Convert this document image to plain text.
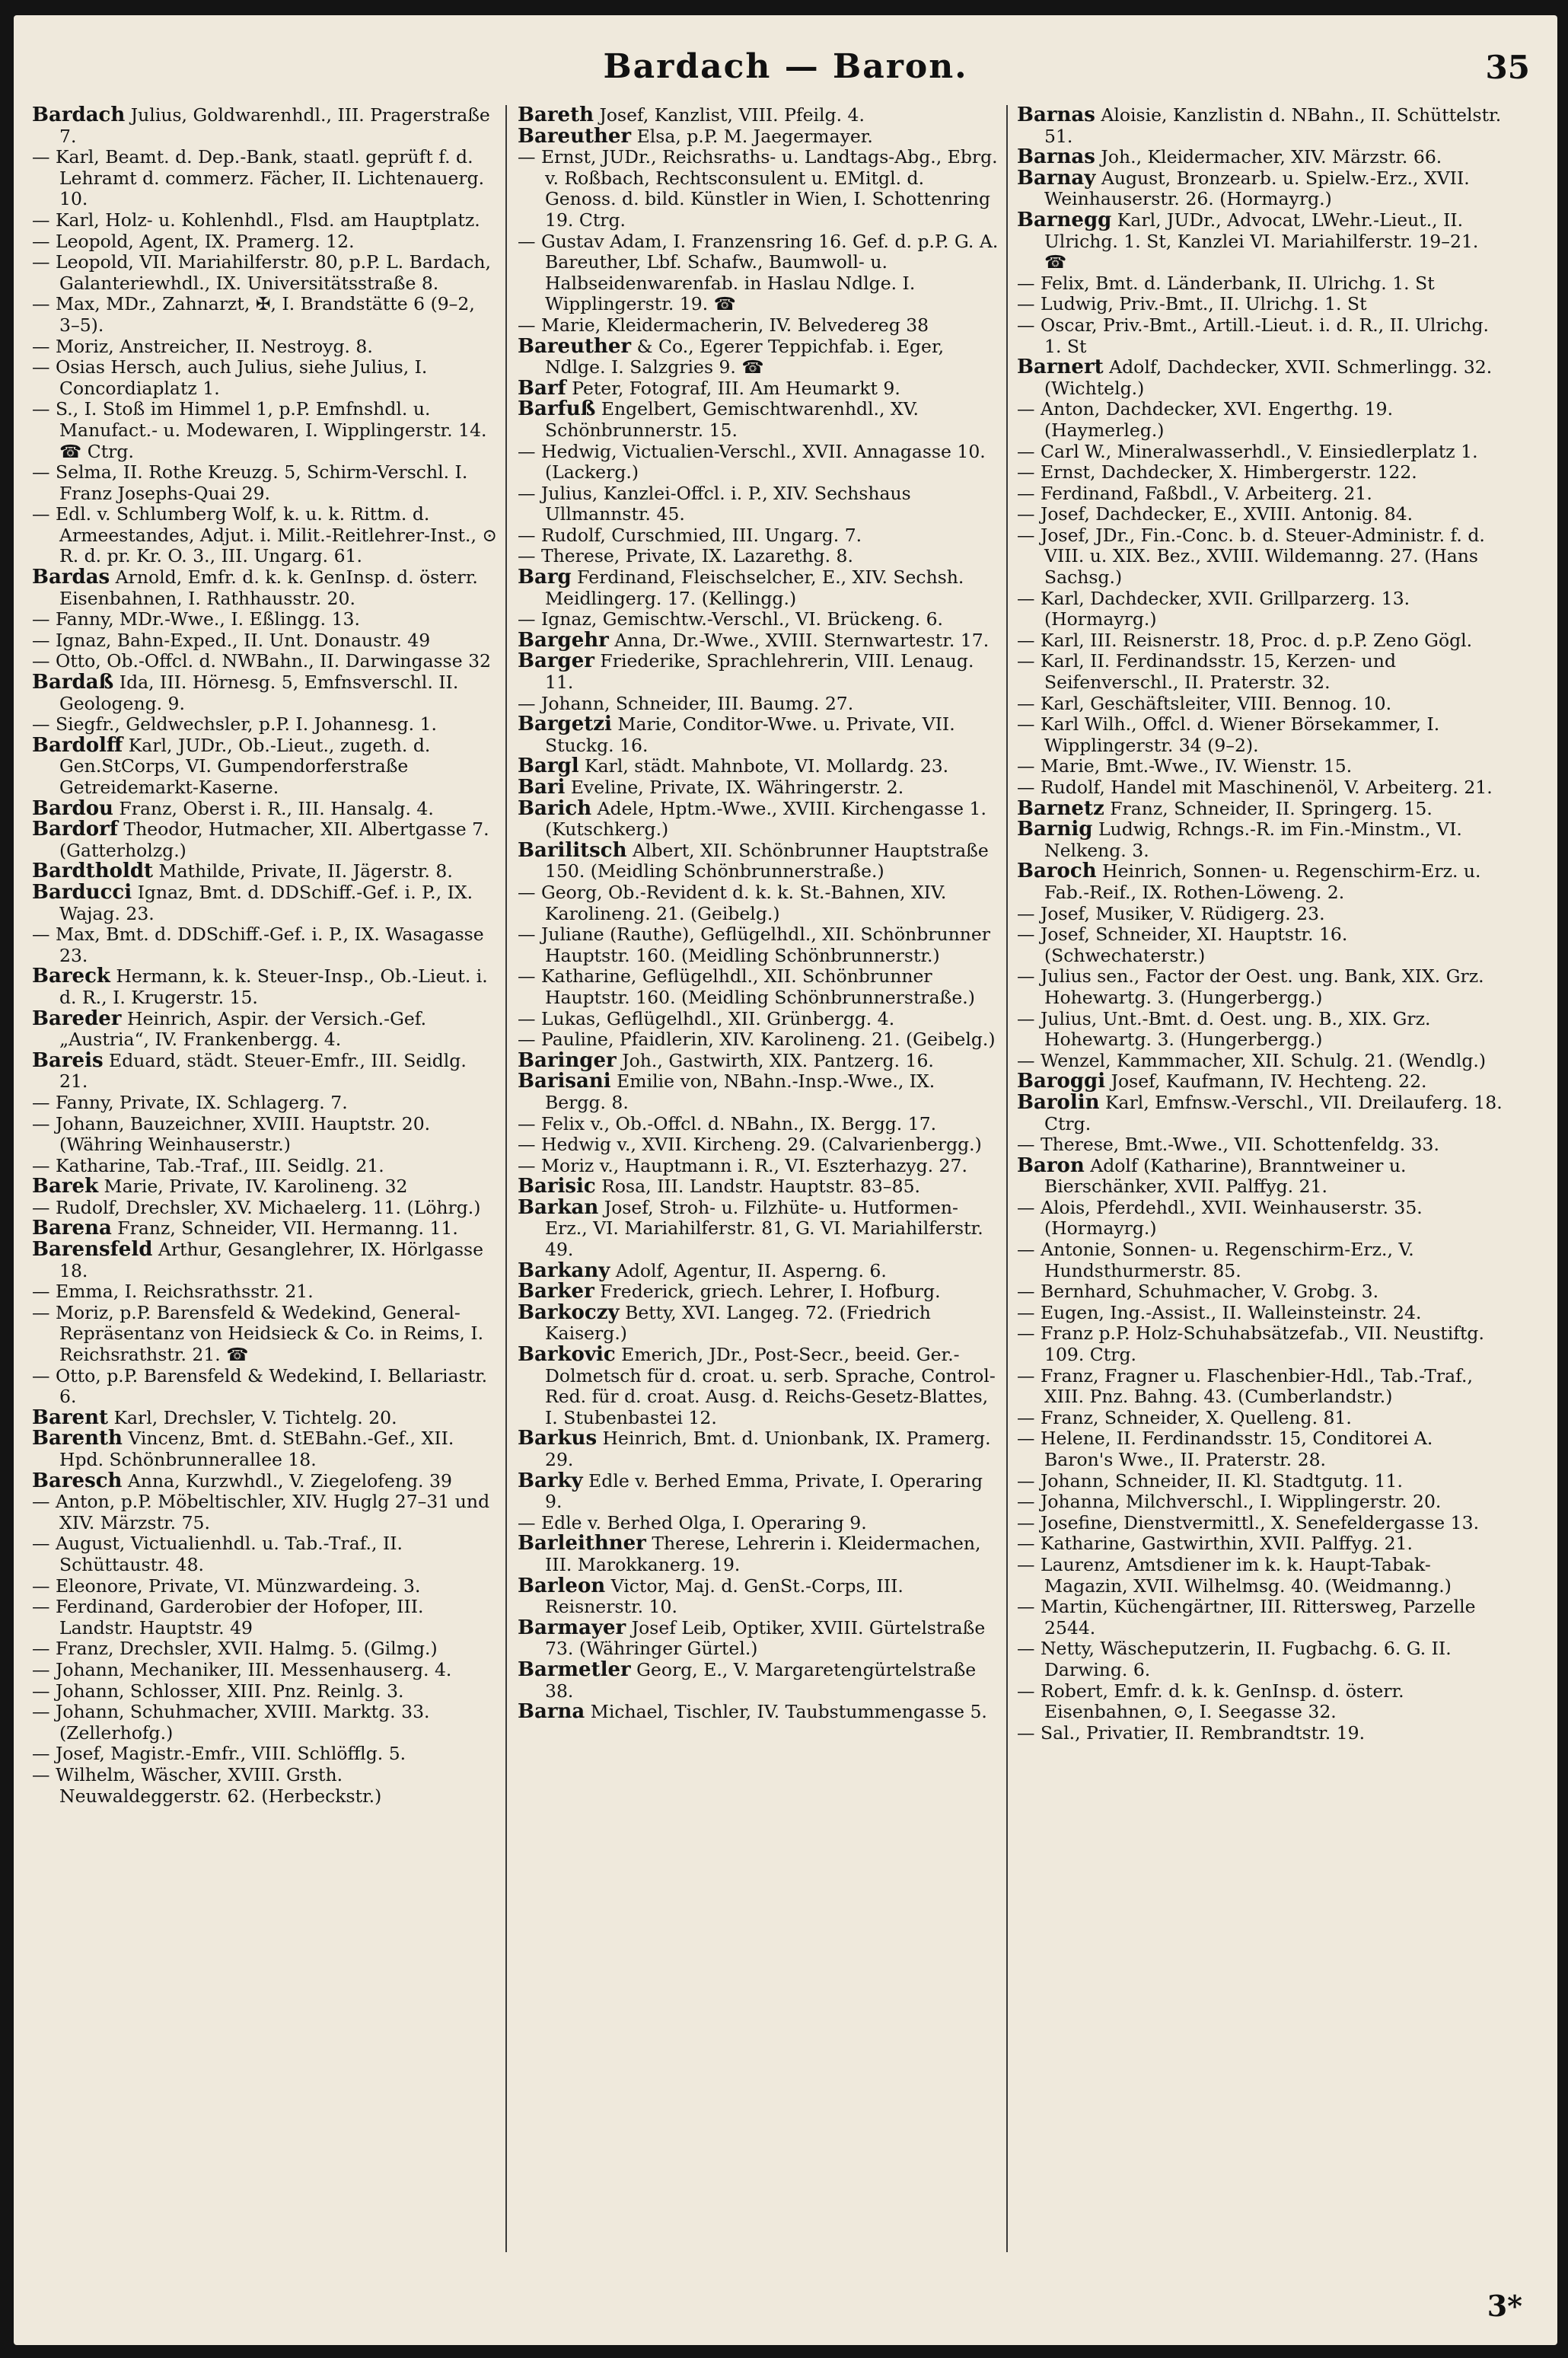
Bardach — Baron.	35

Bardach Julius, Goldwarenhdl., III. Pragerstraße 7.

— Karl, Beamt. d. Dep.-Bank, staatl. geprüft f. d. Lehramt d. commerz. Fächer, II. Lichtenauerg. 10.

— Karl, Holz- u. Kohlenhdl., Flsd. am Hauptplatz.

— Leopold, Agent, IX. Pramerg. 12.

— Leopold, VII. Mariahilferstr. 80, p.P. L. Bardach, Galanteriewhdl., IX. Universitätsstraße 8.

— Max, MDr., Zahnarzt, ✠, I. Brandstätte 6 (9–2, 3–5).

— Moriz, Anstreicher, II. Nestroyg. 8.

— Osias Hersch, auch Julius, siehe Julius, I. Concordiaplatz 1.

— S., I. Stoß im Himmel 1, p.P. Emfnshdl. u. Manufact.- u. Modewaren, I. Wipplingerstr. 14. ☎ Ctrg.

— Selma, II. Rothe Kreuzg. 5, Schirm-Verschl. I. Franz Josephs-Quai 29.

— Edl. v. Schlumberg Wolf, k. u. k. Rittm. d. Armeestandes, Adjut. i. Milit.-Reitlehrer-Inst., ⊙ R. d. pr. Kr. O. 3., III. Ungarg. 61.

Bardas Arnold, Emfr. d. k. k. GenInsp. d. österr. Eisenbahnen, I. Rathhausstr. 20.

— Fanny, MDr.-Wwe., I. Eßlingg. 13.

— Ignaz, Bahn-Exped., II. Unt. Donaustr. 49

— Otto, Ob.-Offcl. d. NWBahn., II. Darwingasse 32

Bardaß Ida, III. Hörnesg. 5, Emfnsverschl. II. Geologeng. 9.

— Siegfr., Geldwechsler, p.P. I. Johannesg. 1.

Bardolff Karl, JUDr., Ob.-Lieut., zugeth. d. Gen.StCorps, VI. Gumpendorferstraße Getreidemarkt-Kaserne.

Bardou Franz, Oberst i. R., III. Hansalg. 4.

Bardorf Theodor, Hutmacher, XII. Albertgasse 7. (Gatterholzg.)

Bardtholdt Mathilde, Private, II. Jägerstr. 8.

Barducci Ignaz, Bmt. d. DDSchiff.-Gef. i. P., IX. Wajag. 23.

— Max, Bmt. d. DDSchiff.-Gef. i. P., IX. Wasagasse 23.

Bareck Hermann, k. k. Steuer-Insp., Ob.-Lieut. i. d. R., I. Krugerstr. 15.

Bareder Heinrich, Aspir. der Versich.-Gef. „Austria“, IV. Frankenbergg. 4.

Bareis Eduard, städt. Steuer-Emfr., III. Seidlg. 21.

— Fanny, Private, IX. Schlagerg. 7.

— Johann, Bauzeichner, XVIII. Hauptstr. 20. (Währing Weinhauserstr.)

— Katharine, Tab.-Traf., III. Seidlg. 21.

Barek Marie, Private, IV. Karolineng. 32

— Rudolf, Drechsler, XV. Michaelerg. 11. (Löhrg.)

Barena Franz, Schneider, VII. Hermanng. 11.

Barensfeld Arthur, Gesanglehrer, IX. Hörlgasse 18.

— Emma, I. Reichsrathsstr. 21.

— Moriz, p.P. Barensfeld & Wedekind, General-Repräsentanz von Heidsieck & Co. in Reims, I. Reichsrathstr. 21. ☎

— Otto, p.P. Barensfeld & Wedekind, I. Bellariastr. 6.

Barent Karl, Drechsler, V. Tichtelg. 20.

Barenth Vincenz, Bmt. d. StEBahn.-Gef., XII. Hpd. Schönbrunnerallee 18.

Baresch Anna, Kurzwhdl., V. Ziegelofeng. 39

— Anton, p.P. Möbeltischler, XIV. Huglg 27–31 und XIV. Märzstr. 75.

— August, Victualienhdl. u. Tab.-Traf., II. Schüttaustr. 48.

— Eleonore, Private, VI. Münzwardeing. 3.

— Ferdinand, Garderobier der Hofoper, III. Landstr. Hauptstr. 49

— Franz, Drechsler, XVII. Halmg. 5. (Gilmg.)

— Johann, Mechaniker, III. Messenhauserg. 4.

— Johann, Schlosser, XIII. Pnz. Reinlg. 3.

— Johann, Schuhmacher, XVIII. Marktg. 33. (Zellerhofg.)

— Josef, Magistr.-Emfr., VIII. Schlöfflg. 5.

— Wilhelm, Wäscher, XVIII. Grsth. Neuwaldeggerstr. 62. (Herbeckstr.)

Bareth Josef, Kanzlist, VIII. Pfeilg. 4.

Bareuther Elsa, p.P. M. Jaegermayer.

— Ernst, JUDr., Reichsraths- u. Landtags-Abg., Ebrg. v. Roßbach, Rechtsconsulent u. EMitgl. d. Genoss. d. bild. Künstler in Wien, I. Schottenring 19. Ctrg.

— Gustav Adam, I. Franzensring 16. Gef. d. p.P. G. A. Bareuther, Lbf. Schafw., Baumwoll- u. Halbseidenwarenfab. in Haslau Ndlge. I. Wipplingerstr. 19. ☎

— Marie, Kleidermacherin, IV. Belvedereg 38

Bareuther & Co., Egerer Teppichfab. i. Eger, Ndlge. I. Salzgries 9. ☎

Barf Peter, Fotograf, III. Am Heumarkt 9.

Barfuß Engelbert, Gemischtwarenhdl., XV. Schönbrunnerstr. 15.

— Hedwig, Victualien-Verschl., XVII. Annagasse 10. (Lackerg.)

— Julius, Kanzlei-Offcl. i. P., XIV. Sechshaus Ullmannstr. 45.

— Rudolf, Curschmied, III. Ungarg. 7.

— Therese, Private, IX. Lazarethg. 8.

Barg Ferdinand, Fleischselcher, E., XIV. Sechsh. Meidlingerg. 17. (Kellingg.)

— Ignaz, Gemischtw.-Verschl., VI. Brückeng. 6.

Bargehr Anna, Dr.-Wwe., XVIII. Sternwartestr. 17.

Barger Friederike, Sprachlehrerin, VIII. Lenaug. 11.

— Johann, Schneider, III. Baumg. 27.

Bargetzi Marie, Conditor-Wwe. u. Private, VII. Stuckg. 16.

Bargl Karl, städt. Mahnbote, VI. Mollardg. 23.

Bari Eveline, Private, IX. Währingerstr. 2.

Barich Adele, Hptm.-Wwe., XVIII. Kirchengasse 1. (Kutschkerg.)

Barilitsch Albert, XII. Schönbrunner Hauptstraße 150. (Meidling Schönbrunnerstraße.)

— Georg, Ob.-Revident d. k. k. St.-Bahnen, XIV. Karolineng. 21. (Geibelg.)

— Juliane (Rauthe), Geflügelhdl., XII. Schönbrunner Hauptstr. 160. (Meidling Schönbrunnerstr.)

— Katharine, Geflügelhdl., XII. Schönbrunner Hauptstr. 160. (Meidling Schönbrunnerstraße.)

— Lukas, Geflügelhdl., XII. Grünbergg. 4.

— Pauline, Pfaidlerin, XIV. Karolineng. 21. (Geibelg.)

Baringer Joh., Gastwirth, XIX. Pantzerg. 16.

Barisani Emilie von, NBahn.-Insp.-Wwe., IX. Bergg. 8.

— Felix v., Ob.-Offcl. d. NBahn., IX. Bergg. 17.

— Hedwig v., XVII. Kircheng. 29. (Calvarienbergg.)

— Moriz v., Hauptmann i. R., VI. Eszterhazyg. 27.

Barisic Rosa, III. Landstr. Hauptstr. 83–85.

Barkan Josef, Stroh- u. Filzhüte- u. Hutformen-Erz., VI. Mariahilferstr. 81, G. VI. Mariahilferstr. 49.

Barkany Adolf, Agentur, II. Asperng. 6.

Barker Frederick, griech. Lehrer, I. Hofburg.

Barkoczy Betty, XVI. Langeg. 72. (Friedrich Kaiserg.)

Barkovic Emerich, JDr., Post-Secr., beeid. Ger.-Dolmetsch für d. croat. u. serb. Sprache, Control-Red. für d. croat. Ausg. d. Reichs-Gesetz-Blattes, I. Stubenbastei 12.

Barkus Heinrich, Bmt. d. Unionbank, IX. Pramerg. 29.

Barky Edle v. Berhed Emma, Private, I. Operaring 9.

— Edle v. Berhed Olga, I. Operaring 9.

Barleithner Therese, Lehrerin i. Kleidermachen, III. Marokkanerg. 19.

Barleon Victor, Maj. d. GenSt.-Corps, III. Reisnerstr. 10.

Barmayer Josef Leib, Optiker, XVIII. Gürtelstraße 73. (Währinger Gürtel.)

Barmetler Georg, E., V. Margaretengürtelstraße 38.

Barna Michael, Tischler, IV. Taubstummengasse 5.

Barnas Aloisie, Kanzlistin d. NBahn., II. Schüttelstr. 51.

Barnas Joh., Kleidermacher, XIV. Märzstr. 66.

Barnay August, Bronzearb. u. Spielw.-Erz., XVII. Weinhauserstr. 26. (Hormayrg.)

Barnegg Karl, JUDr., Advocat, LWehr.-Lieut., II. Ulrichg. 1. St, Kanzlei VI. Mariahilferstr. 19–21. ☎

— Felix, Bmt. d. Länderbank, II. Ulrichg. 1. St

— Ludwig, Priv.-Bmt., II. Ulrichg. 1. St

— Oscar, Priv.-Bmt., Artill.-Lieut. i. d. R., II. Ulrichg. 1. St

Barnert Adolf, Dachdecker, XVII. Schmerlingg. 32. (Wichtelg.)

— Anton, Dachdecker, XVI. Engerthg. 19. (Haymerleg.)

— Carl W., Mineralwasserhdl., V. Einsiedlerplatz 1.

— Ernst, Dachdecker, X. Himbergerstr. 122.

— Ferdinand, Faßbdl., V. Arbeiterg. 21.

— Josef, Dachdecker, E., XVIII. Antonig. 84.

— Josef, JDr., Fin.-Conc. b. d. Steuer-Administr. f. d. VIII. u. XIX. Bez., XVIII. Wildemanng. 27. (Hans Sachsg.)

— Karl, Dachdecker, XVII. Grillparzerg. 13. (Hormayrg.)

— Karl, III. Reisnerstr. 18, Proc. d. p.P. Zeno Gögl.

— Karl, II. Ferdinandsstr. 15, Kerzen- und Seifenverschl., II. Praterstr. 32.

— Karl, Geschäftsleiter, VIII. Bennog. 10.

— Karl Wilh., Offcl. d. Wiener Börsekammer, I. Wipplingerstr. 34 (9–2).

— Marie, Bmt.-Wwe., IV. Wienstr. 15.

— Rudolf, Handel mit Maschinenöl, V. Arbeiterg. 21.

Barnetz Franz, Schneider, II. Springerg. 15.

Barnig Ludwig, Rchngs.-R. im Fin.-Minstm., VI. Nelkeng. 3.

Baroch Heinrich, Sonnen- u. Regenschirm-Erz. u. Fab.-Reif., IX. Rothen-Löweng. 2.

— Josef, Musiker, V. Rüdigerg. 23.

— Josef, Schneider, XI. Hauptstr. 16. (Schwechaterstr.)

— Julius sen., Factor der Oest. ung. Bank, XIX. Grz. Hohewartg. 3. (Hungerbergg.)

— Julius, Unt.-Bmt. d. Oest. ung. B., XIX. Grz. Hohewartg. 3. (Hungerbergg.)

— Wenzel, Kammmacher, XII. Schulg. 21. (Wendlg.)

Baroggi Josef, Kaufmann, IV. Hechteng. 22.

Barolin Karl, Emfnsw.-Verschl., VII. Dreilauferg. 18. Ctrg.

— Therese, Bmt.-Wwe., VII. Schottenfeldg. 33.

Baron Adolf (Katharine), Branntweiner u. Bierschänker, XVII. Palffyg. 21.

— Alois, Pferdehdl., XVII. Weinhauserstr. 35. (Hormayrg.)

— Antonie, Sonnen- u. Regenschirm-Erz., V. Hundsthurmerstr. 85.

— Bernhard, Schuhmacher, V. Grobg. 3.

— Eugen, Ing.-Assist., II. Walleinsteinstr. 24.

— Franz p.P. Holz-Schuhabsätzefab., VII. Neustiftg. 109. Ctrg.

— Franz, Fragner u. Flaschenbier-Hdl., Tab.-Traf., XIII. Pnz. Bahng. 43. (Cumberlandstr.)

— Franz, Schneider, X. Quelleng. 81.

— Helene, II. Ferdinandsstr. 15, Conditorei A. Baron's Wwe., II. Praterstr. 28.

— Johann, Schneider, II. Kl. Stadtgutg. 11.

— Johanna, Milchverschl., I. Wipplingerstr. 20.

— Josefine, Dienstvermittl., X. Senefeldergasse 13.

— Katharine, Gastwirthin, XVII. Palffyg. 21.

— Laurenz, Amtsdiener im k. k. Haupt-Tabak-Magazin, XVII. Wilhelmsg. 40. (Weidmanng.)

— Martin, Küchengärtner, III. Rittersweg, Parzelle 2544.

— Netty, Wäscheputzerin, II. Fugbachg. 6. G. II. Darwing. 6.

— Robert, Emfr. d. k. k. GenInsp. d. österr. Eisenbahnen, ⊙, I. Seegasse 32.

— Sal., Privatier, II. Rembrandtstr. 19.

3*
